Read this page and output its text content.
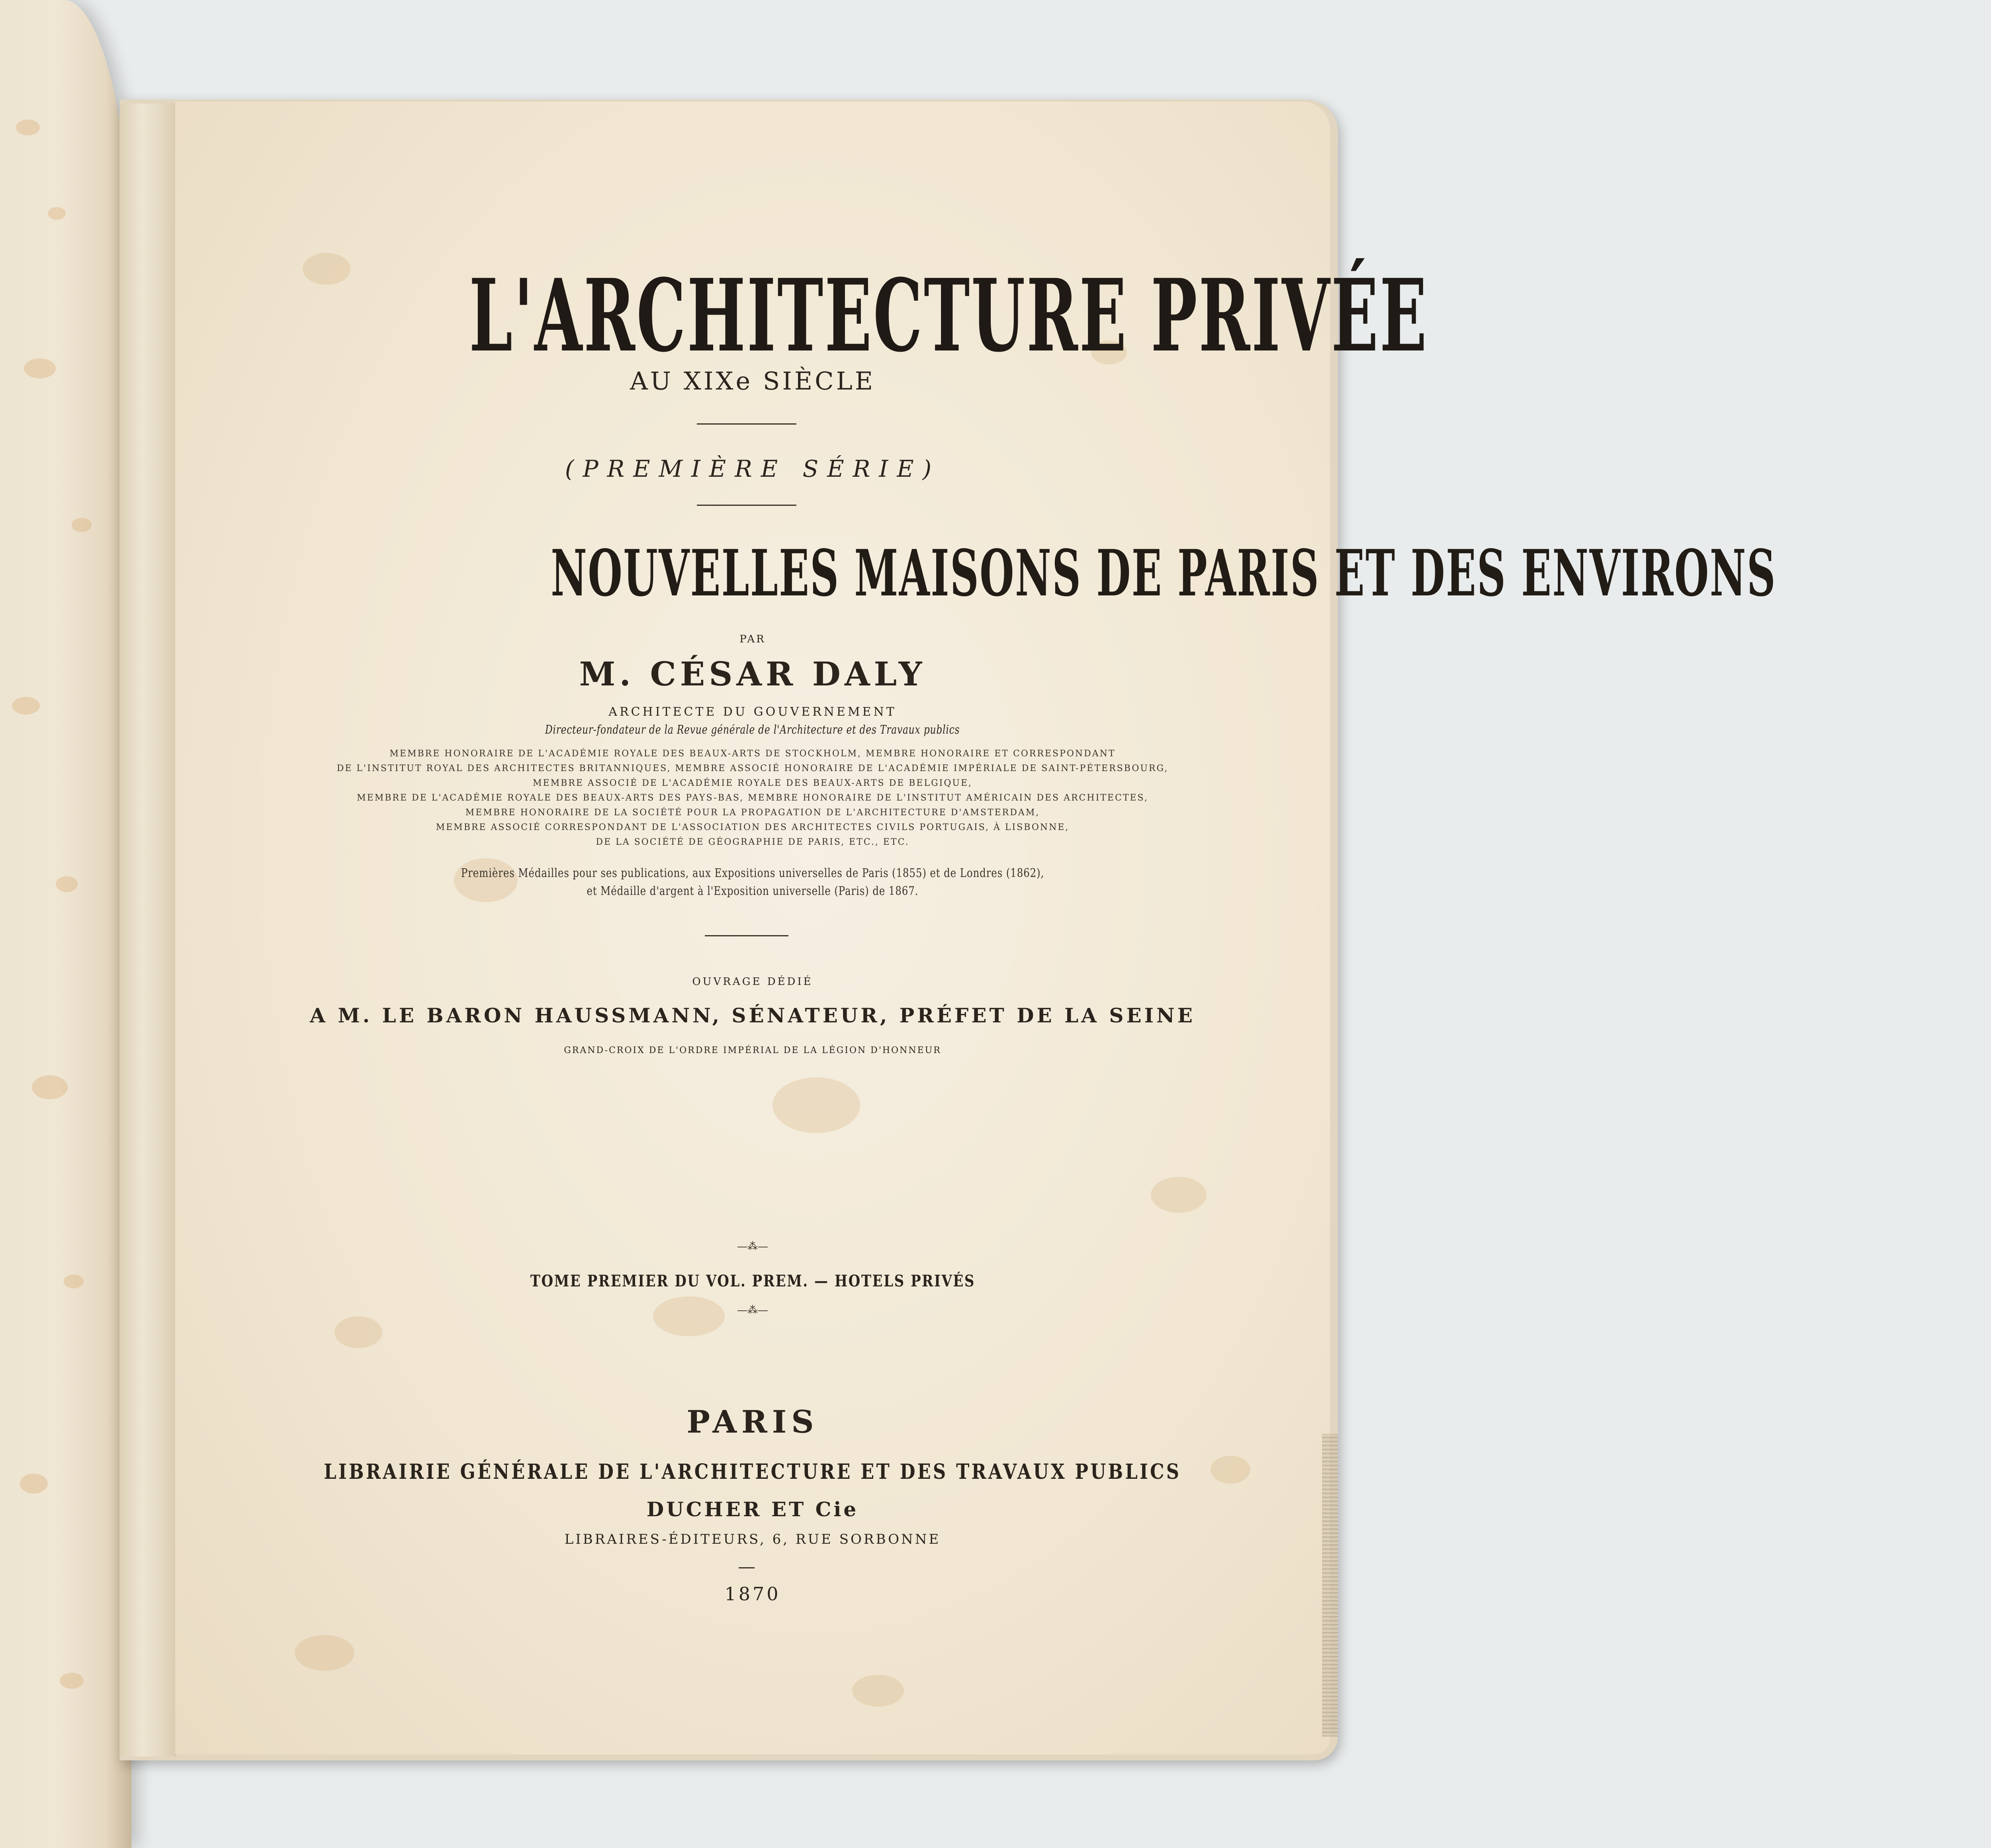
L'ARCHITECTURE PRIVÉE
AU XIXe SIÈCLE
(PREMIÈRE SÉRIE)
NOUVELLES MAISONS DE PARIS ET DES ENVIRONS
PAR
M. CÉSAR DALY
ARCHITECTE DU GOUVERNEMENT
Directeur-fondateur de la Revue générale de l'Architecture et des Travaux publics
MEMBRE HONORAIRE DE L'ACADÉMIE ROYALE DES BEAUX-ARTS DE STOCKHOLM, MEMBRE HONORAIRE ET CORRESPONDANT
DE L'INSTITUT ROYAL DES ARCHITECTES BRITANNIQUES, MEMBRE ASSOCIÉ HONORAIRE DE L'ACADÉMIE IMPÉRIALE DE SAINT-PÉTERSBOURG,
MEMBRE ASSOCIÉ DE L'ACADÉMIE ROYALE DES BEAUX-ARTS DE BELGIQUE,
MEMBRE DE L'ACADÉMIE ROYALE DES BEAUX-ARTS DES PAYS-BAS, MEMBRE HONORAIRE DE L'INSTITUT AMÉRICAIN DES ARCHITECTES,
MEMBRE HONORAIRE DE LA SOCIÉTÉ POUR LA PROPAGATION DE L'ARCHITECTURE D'AMSTERDAM,
MEMBRE ASSOCIÉ CORRESPONDANT DE L'ASSOCIATION DES ARCHITECTES CIVILS PORTUGAIS, À LISBONNE,
DE LA SOCIÉTÉ DE GÉOGRAPHIE DE PARIS, ETC., ETC.
Premières Médailles pour ses publications, aux Expositions universelles de Paris (1855) et de Londres (1862),
et Médaille d'argent à l'Exposition universelle (Paris) de 1867.
OUVRAGE DÉDIÉ
A M. LE BARON HAUSSMANN, SÉNATEUR, PRÉFET DE LA SEINE
GRAND-CROIX DE L'ORDRE IMPÉRIAL DE LA LÉGION D'HONNEUR
—⁂—
TOME PREMIER DU VOL. PREM. — HOTELS PRIVÉS
—⁂—
PARIS
LIBRAIRIE GÉNÉRALE DE L'ARCHITECTURE ET DES TRAVAUX PUBLICS
DUCHER ET Cie
LIBRAIRES-ÉDITEURS, 6, RUE SORBONNE
1870
